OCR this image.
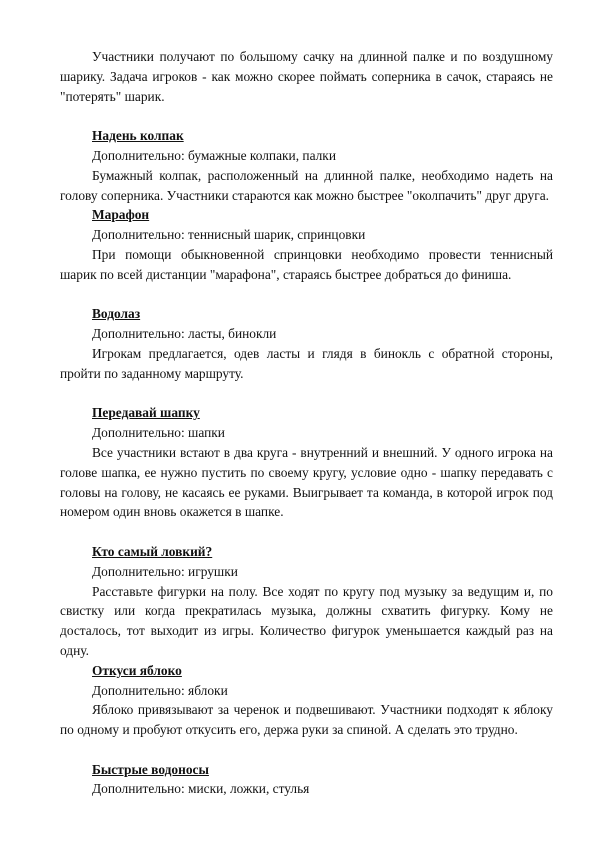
Участники получают по большому сачку на длинной палке и по воздушному шарику. Задача игроков - как можно скорее поймать соперника в сачок, стараясь не "потерять" шарик.

Надень колпак

Дополнительно: бумажные колпаки, палки

Бумажный колпак, расположенный на длинной палке, необходимо надеть на голову соперника. Участники стараются как можно быстрее "околпачить" друг друга.

Марафон

Дополнительно: теннисный шарик, спринцовки

При помощи обыкновенной спринцовки необходимо провести теннисный шарик по всей дистанции "марафона", стараясь быстрее добраться до финиша.

Водолаз

Дополнительно: ласты, бинокли

Игрокам предлагается, одев ласты и глядя в бинокль с обратной стороны, пройти по заданному маршруту.

Передавай шапку

Дополнительно: шапки

Все участники встают в два круга - внутренний и внешний. У одного игрока на голове шапка, ее нужно пустить по своему кругу, условие одно - шапку передавать с головы на голову, не касаясь ее руками. Выигрывает та команда, в которой игрок под номером один вновь окажется в шапке.

Кто самый ловкий?

Дополнительно: игрушки

Расставьте фигурки на полу. Все ходят по кругу под музыку за ведущим и, по свистку или когда прекратилась музыка, должны схватить фигурку. Кому не досталось, тот выходит из игры. Количество фигурок уменьшается каждый раз на одну.

Откуси яблоко

Дополнительно: яблоки

Яблоко привязывают за черенок и подвешивают. Участники подходят к яблоку по одному и пробуют откусить его, держа руки за спиной. А сделать это трудно.

Быстрые водоносы

Дополнительно: миски, ложки, стулья
